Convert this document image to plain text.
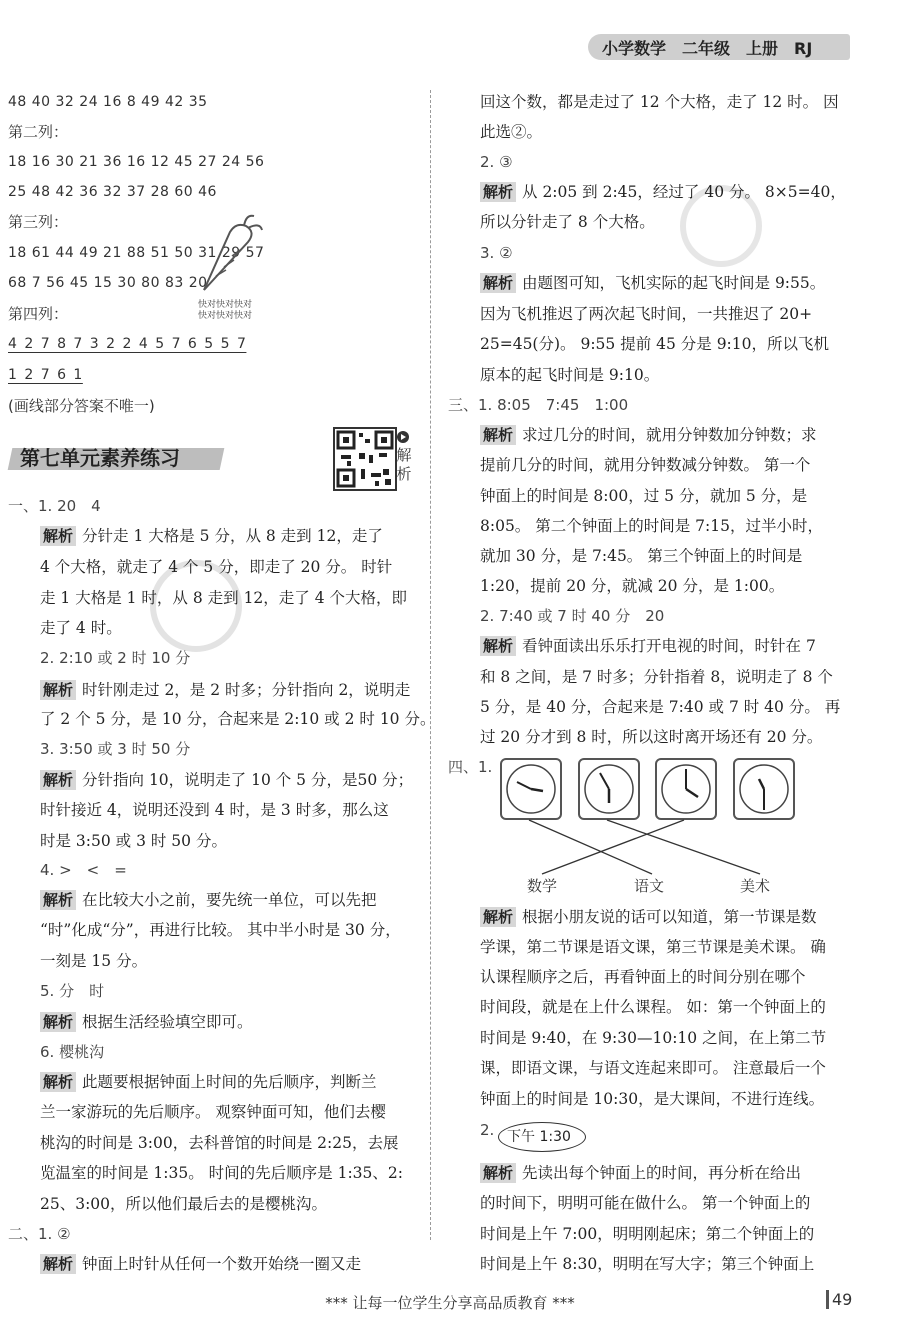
小学数学　二年级　上册　RJ
48 40 32 24 16 8 49 42 35
第二列：
18 16 30 21 36 16 12 45 27 24 56
25 48 42 36 32 37 28 60 46
第三列：
18 61 44 49 21 88 51 50 31 29 57
68 7 56 45 15 30 80 83 20
快对快对快对
快对快对快对
第四列：
4 2 7 8 7 3 2 2 4 5 7 6 5 5 7
1 2 7 6 1
(画线部分答案不唯一)
第七单元素养练习	解析
一、1. 20　4
解析 分针走 1 大格是 5 分，从 8 走到 12，走了
4 个大格，就走了 4 个 5 分，即走了 20 分。 时针
走 1 大格是 1 时，从 8 走到 12，走了 4 个大格，即
走了 4 时。
2. 2:10 或 2 时 10 分
解析 时针刚走过 2，是 2 时多；分针指向 2，说明走
了 2 个 5 分，是 10 分，合起来是 2:10 或 2 时 10 分。
3. 3:50 或 3 时 50 分
解析 分针指向 10，说明走了 10 个 5 分，是50 分；
时针接近 4，说明还没到 4 时，是 3 时多，那么这
时是 3:50 或 3 时 50 分。
4. >　<　=
解析 在比较大小之前，要先统一单位，可以先把
“时”化成“分”，再进行比较。 其中半小时是 30 分，
一刻是 15 分。
5. 分　时
解析 根据生活经验填空即可。
6. 樱桃沟
解析 此题要根据钟面上时间的先后顺序，判断兰
兰一家游玩的先后顺序。 观察钟面可知，他们去樱
桃沟的时间是 3:00，去科普馆的时间是 2:25，去展
览温室的时间是 1:35。 时间的先后顺序是 1:35、2:
25、3:00，所以他们最后去的是樱桃沟。
二、1. ②
解析 钟面上时针从任何一个数开始绕一圈又走
回这个数，都是走过了 12 个大格，走了 12 时。 因
此选②。
2. ③
解析 从 2:05 到 2:45，经过了 40 分。 8×5=40，
所以分针走了 8 个大格。
3. ②
解析 由题图可知，飞机实际的起飞时间是 9:55。
因为飞机推迟了两次起飞时间，一共推迟了 20+
25=45(分)。 9:55 提前 45 分是 9:10，所以飞机
原本的起飞时间是 9:10。
三、1. 8:05　7:45　1:00
解析 求过几分的时间，就用分钟数加分钟数；求
提前几分的时间，就用分钟数减分钟数。 第一个
钟面上的时间是 8:00，过 5 分，就加 5 分，是
8:05。 第二个钟面上的时间是 7:15，过半小时，
就加 30 分，是 7:45。 第三个钟面上的时间是
1:20，提前 20 分，就减 20 分，是 1:00。
2. 7:40 或 7 时 40 分　20
解析 看钟面读出乐乐打开电视的时间，时针在 7
和 8 之间，是 7 时多；分针指着 8，说明走了 8 个
5 分，是 40 分，合起来是 7:40 或 7 时 40 分。 再
过 20 分才到 8 时，所以这时离开场还有 20 分。
四、1.
数学	语文	美术
解析 根据小朋友说的话可以知道，第一节课是数
学课，第二节课是语文课，第三节课是美术课。 确
认课程顺序之后，再看钟面上的时间分别在哪个
时间段，就是在上什么课程。 如：第一个钟面上的
时间是 9:40，在 9:30—10:10 之间，在上第二节
课，即语文课，与语文连起来即可。 注意最后一个
钟面上的时间是 10:30，是大课间，不进行连线。
2. 下午 1:30
解析 先读出每个钟面上的时间，再分析在给出
的时间下，明明可能在做什么。 第一个钟面上的
时间是上午 7:00，明明刚起床；第二个钟面上的
时间是上午 8:30，明明在写大字；第三个钟面上
*** 让每一位学生分享高品质教育 ***	49
